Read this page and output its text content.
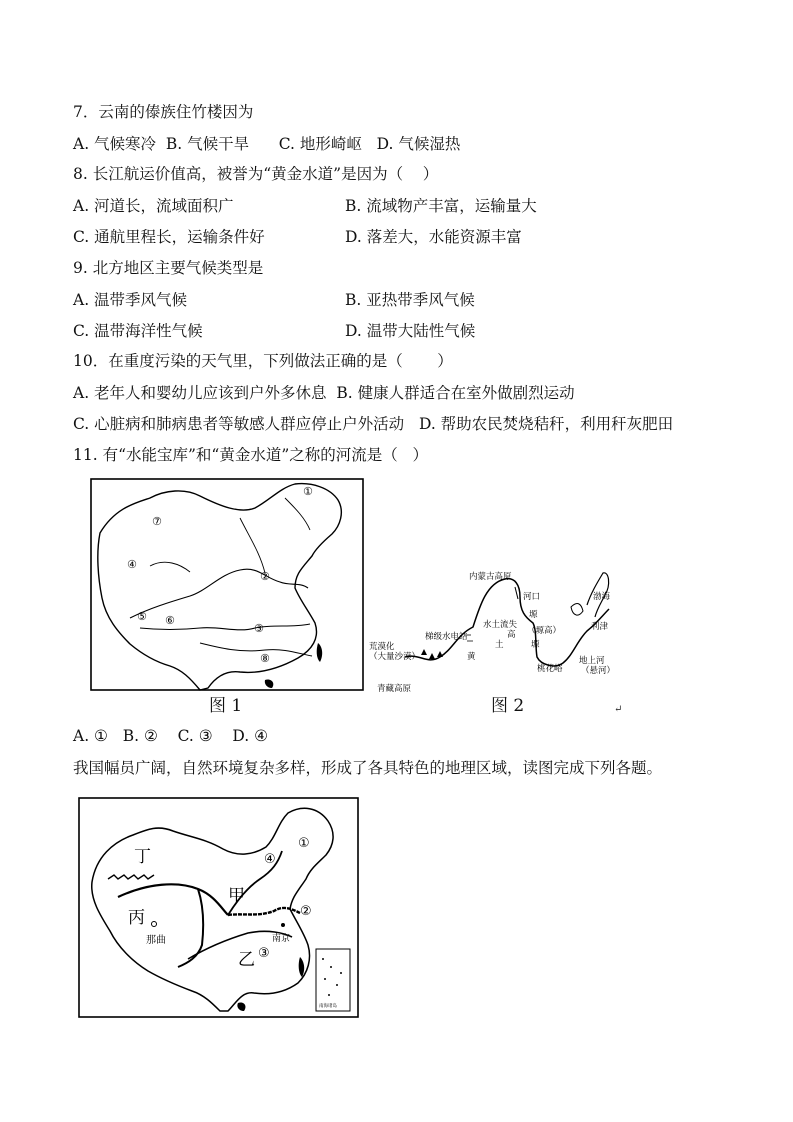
7．云南的傣族住竹楼因为
A. 气候寒冷  B. 气候干旱      C. 地形崎岖   D. 气候湿热
8. 长江航运价值高，被誉为“黄金水道”是因为（    ）
A. 河道长，流域面积广	B. 流域物产丰富，运输量大
C. 通航里程长，运输条件好	D. 落差大，水能资源丰富
9. 北方地区主要气候类型是
A. 温带季风气候	B. 亚热带季风气候
C. 温带海洋性气候	D. 温带大陆性气候
10．在重度污染的天气里，下列做法正确的是（       ）
A. 老年人和婴幼儿应该到户外多休息  B. 健康人群适合在室外做剧烈运动
C. 心脏病和肺病患者等敏感人群应停止户外活动   D. 帮助农民焚烧秸秆，利用秆灰肥田
11. 有“水能宝库”和“黄金水道”之称的河流是（   ）
①
⑦
④
②
⑤ ⑥
③
⑧
图 1
内蒙古高原
河口	渤海
水土流失
塬
（塬高）
塬
黄
土
高
梯级水电站
荒漠化
（大量沙漠）
青藏高原
桃花峪
利津
地上河
（悬河）
图 2	↵
A. ①   B. ②    C. ③    D. ④
我国幅员广阔，自然环境复杂多样，形成了各具特色的地理区域，读图完成下列各题。
南海诸岛
丁
丙
甲
乙
①
④
②
③
那曲	南京
